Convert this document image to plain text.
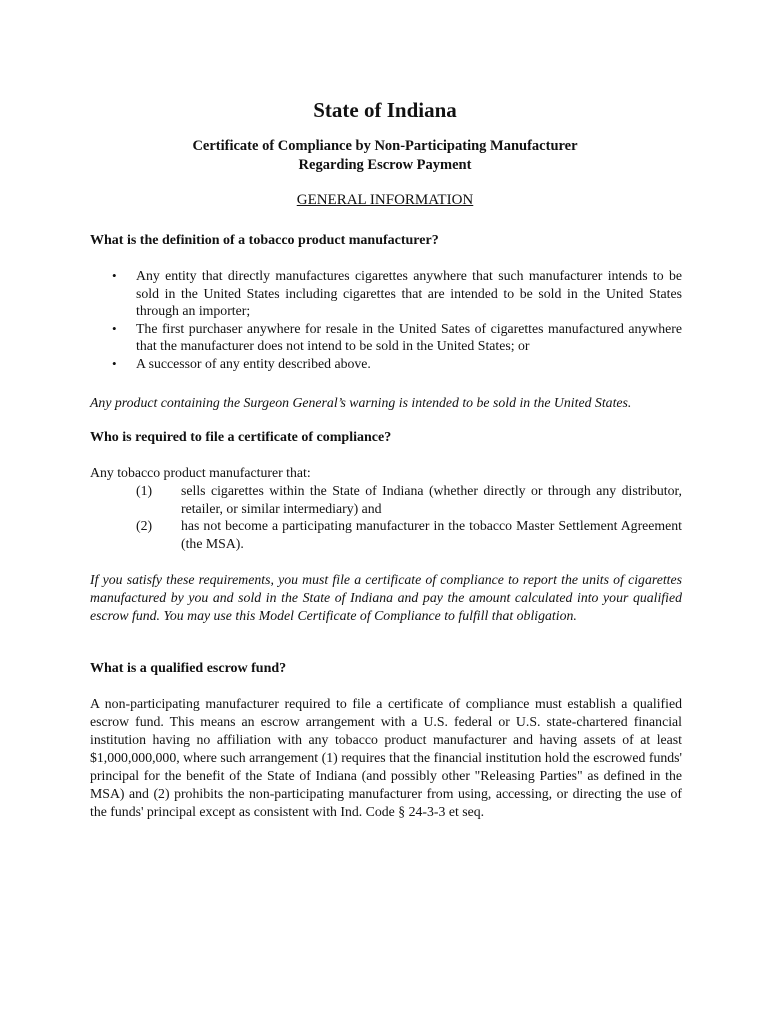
State of Indiana
Certificate of Compliance by Non-Participating Manufacturer
Regarding Escrow Payment
GENERAL INFORMATION
What is the definition of a tobacco product manufacturer?
• Any entity that directly manufactures cigarettes anywhere that such manufacturer intends to be sold in the United States including cigarettes that are intended to be sold in the United States through an importer;
• The first purchaser anywhere for resale in the United Sates of cigarettes manufactured anywhere that the manufacturer does not intend to be sold in the United States; or
• A successor of any entity described above.

Any product containing the Surgeon General’s warning is intended to be sold in the United States.

Who is required to file a certificate of compliance?

Any tobacco product manufacturer that:

(1) sells cigarettes within the State of Indiana (whether directly or through any distributor, retailer, or similar intermediary) and
(2) has not become a participating manufacturer in the tobacco Master Settlement Agreement (the MSA).

If you satisfy these requirements, you must file a certificate of compliance to report the units of cigarettes manufactured by you and sold in the State of Indiana and pay the amount calculated into your qualified escrow fund. You may use this Model Certificate of Compliance to fulfill that obligation.

What is a qualified escrow fund?

A non-participating manufacturer required to file a certificate of compliance must establish a qualified escrow fund. This means an escrow arrangement with a U.S. federal or U.S. state-chartered financial institution having no affiliation with any tobacco product manufacturer and having assets of at least $1,000,000,000, where such arrangement (1) requires that the financial institution hold the escrowed funds' principal for the benefit of the State of Indiana (and possibly other "Releasing Parties" as defined in the MSA) and (2) prohibits the non-participating manufacturer from using, accessing, or directing the use of the funds' principal except as consistent with Ind. Code § 24-3-3 et seq.
